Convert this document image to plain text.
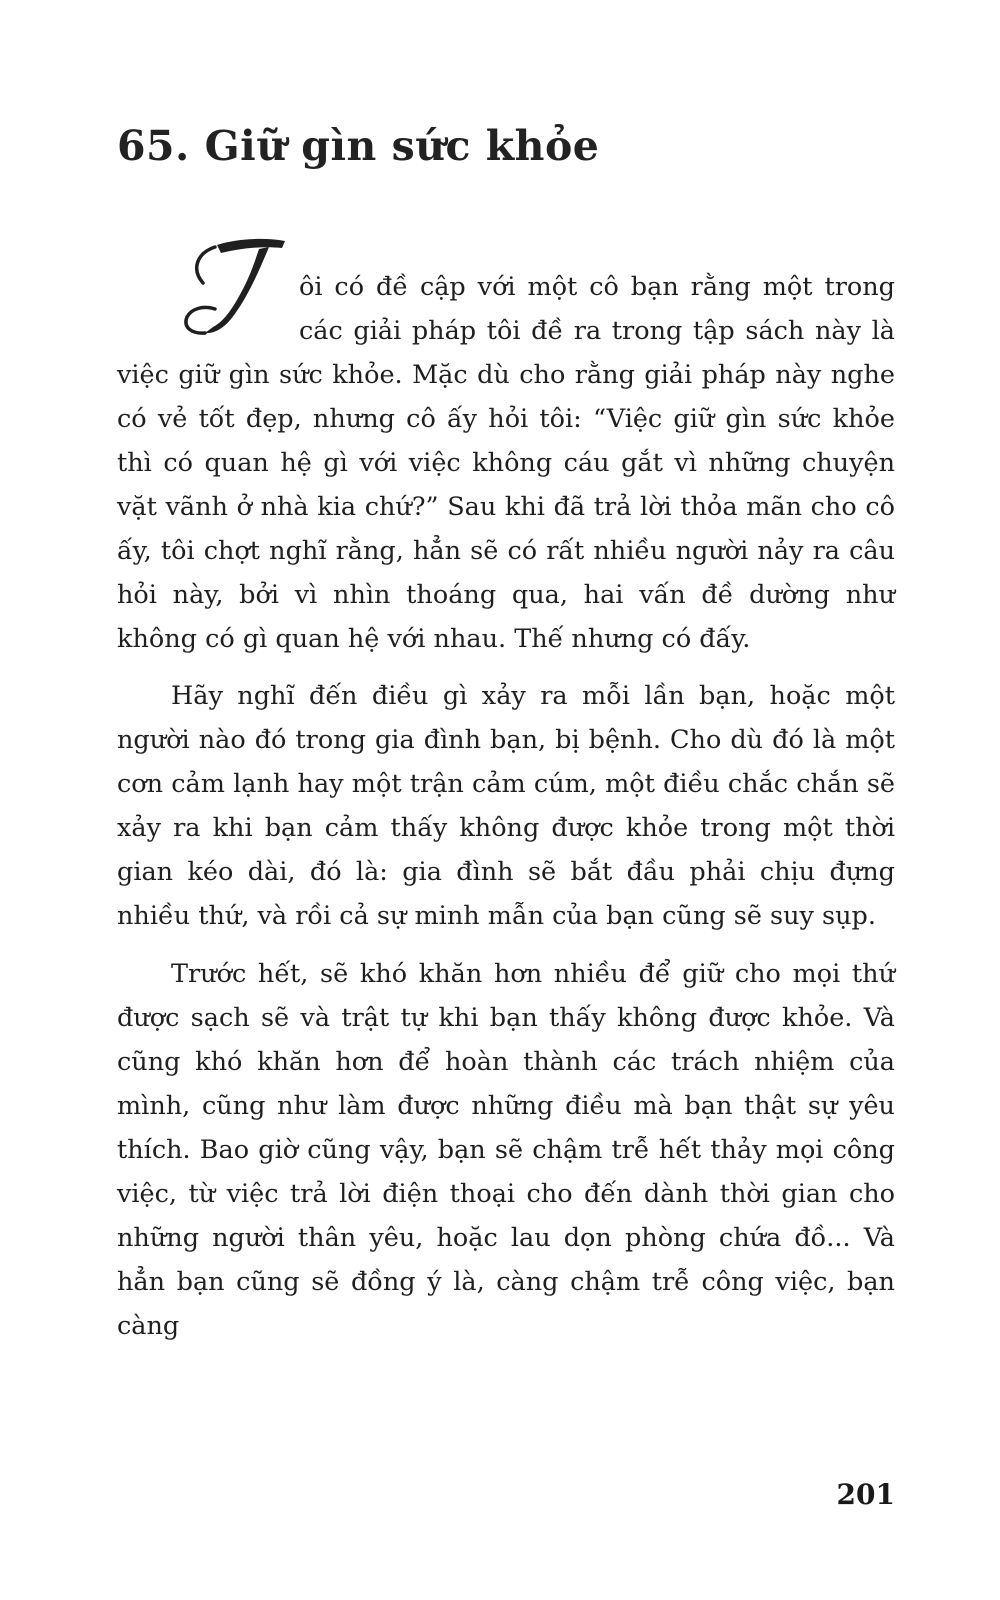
65. Giữ gìn sức khỏe

ôi có đề cập với một cô bạn rằng một trong các giải pháp tôi đề ra trong tập sách này là việc giữ gìn sức khỏe. Mặc dù cho rằng giải pháp này nghe có vẻ tốt đẹp, nhưng cô ấy hỏi tôi: “Việc giữ gìn sức khỏe thì có quan hệ gì với việc không cáu gắt vì những chuyện vặt vãnh ở nhà kia chứ?” Sau khi đã trả lời thỏa mãn cho cô ấy, tôi chợt nghĩ rằng, hẳn sẽ có rất nhiều người nảy ra câu hỏi này, bởi vì nhìn thoáng qua, hai vấn đề dường như không có gì quan hệ với nhau. Thế nhưng có đấy.

Hãy nghĩ đến điều gì xảy ra mỗi lần bạn, hoặc một người nào đó trong gia đình bạn, bị bệnh. Cho dù đó là một cơn cảm lạnh hay một trận cảm cúm, một điều chắc chắn sẽ xảy ra khi bạn cảm thấy không được khỏe trong một thời gian kéo dài, đó là: gia đình sẽ bắt đầu phải chịu đựng nhiều thứ, và rồi cả sự minh mẫn của bạn cũng sẽ suy sụp.

Trước hết, sẽ khó khăn hơn nhiều để giữ cho mọi thứ được sạch sẽ và trật tự khi bạn thấy không được khỏe. Và cũng khó khăn hơn để hoàn thành các trách nhiệm của mình, cũng như làm được những điều mà bạn thật sự yêu thích. Bao giờ cũng vậy, bạn sẽ chậm trễ hết thảy mọi công việc, từ việc trả lời điện thoại cho đến dành thời gian cho những người thân yêu, hoặc lau dọn phòng chứa đồ... Và hẳn bạn cũng sẽ đồng ý là, càng chậm trễ công việc, bạn càng

201
